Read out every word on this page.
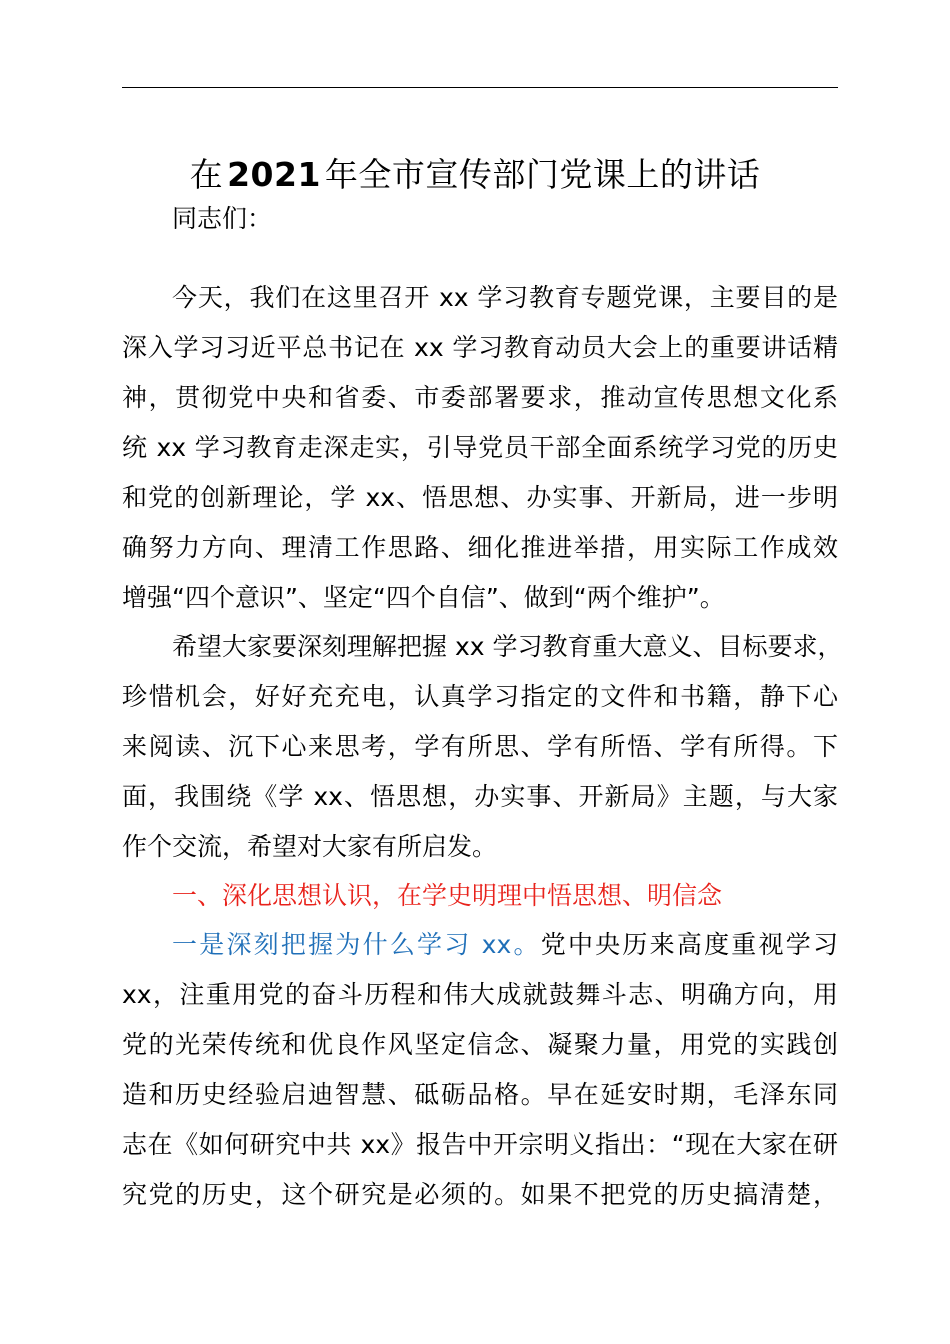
在 2021 年全市宣传部门党课上的讲话
同志们：
今天，我们在这里召开 xx 学习教育专题党课，主要目的是
深入学习习近平总书记在 xx 学习教育动员大会上的重要讲话精
神，贯彻党中央和省委、市委部署要求，推动宣传思想文化系
统 xx 学习教育走深走实，引导党员干部全面系统学习党的历史
和党的创新理论，学 xx、悟思想、办实事、开新局，进一步明
确努力方向、理清工作思路、细化推进举措，用实际工作成效
增强“四个意识”、坚定“四个自信”、做到“两个维护”。
希望大家要深刻理解把握 xx 学习教育重大意义、目标要求，
珍惜机会，好好充充电，认真学习指定的文件和书籍，静下心
来阅读、沉下心来思考，学有所思、学有所悟、学有所得。下
面，我围绕《学 xx、悟思想，办实事、开新局》主题，与大家
作个交流，希望对大家有所启发。
一、深化思想认识，在学史明理中悟思想、明信念
一是深刻把握为什么学习 xx。党中央历来高度重视学习
xx，注重用党的奋斗历程和伟大成就鼓舞斗志、明确方向，用
党的光荣传统和优良作风坚定信念、凝聚力量，用党的实践创
造和历史经验启迪智慧、砥砺品格。早在延安时期，毛泽东同
志在《如何研究中共 xx》报告中开宗明义指出：“现在大家在研
究党的历史，这个研究是必须的。如果不把党的历史搞清楚，
